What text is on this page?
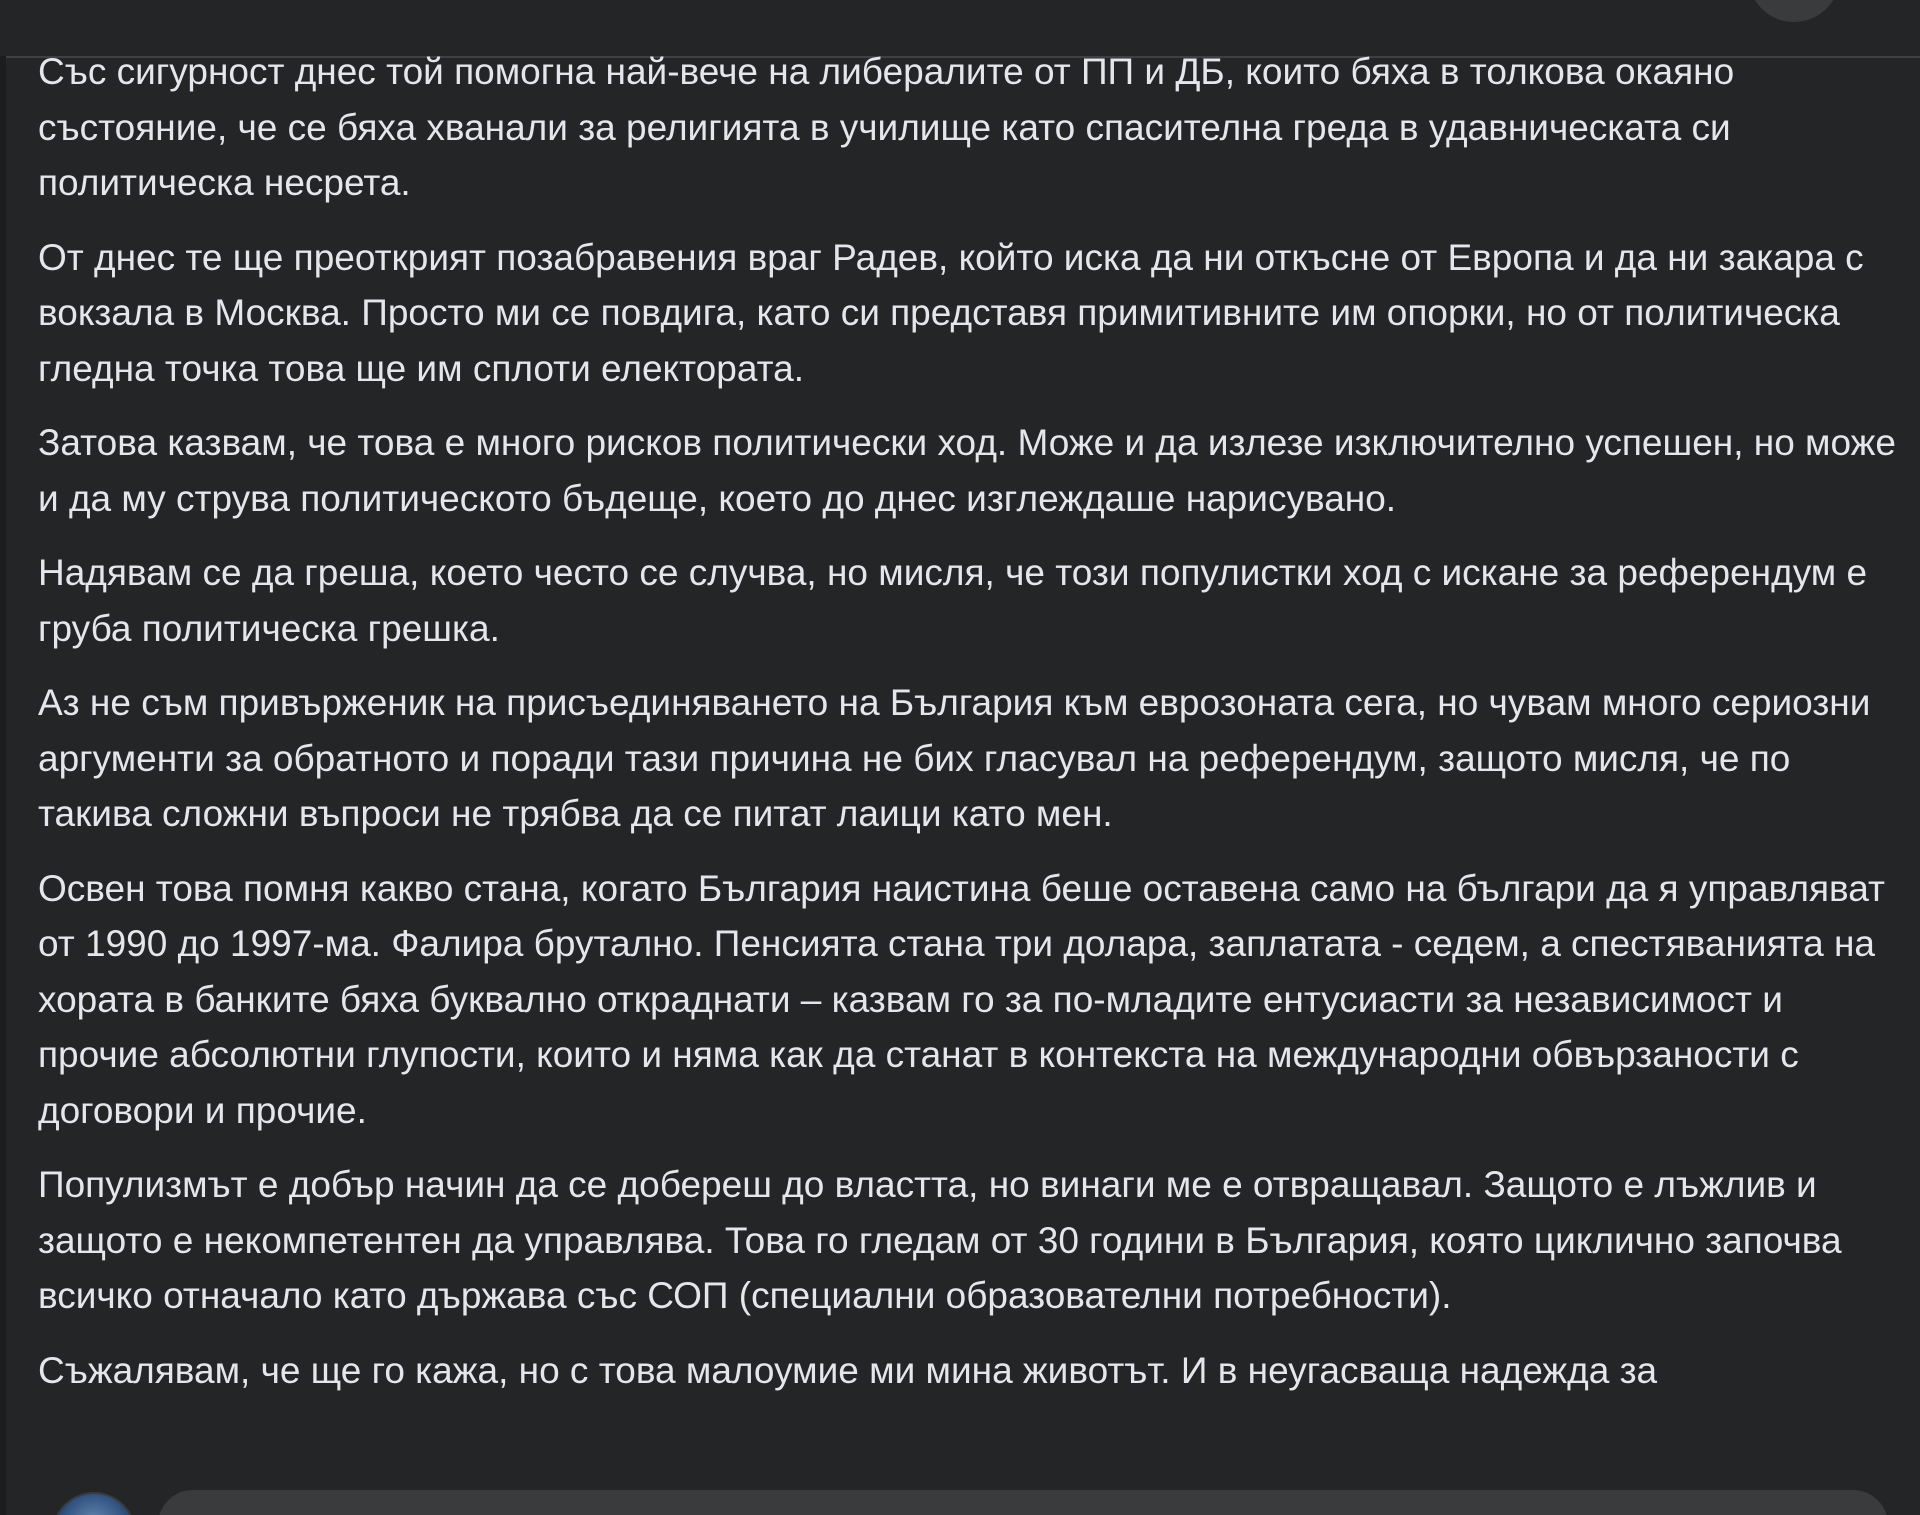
Със сигурност днес той помогна най-вече на либералите от ПП и ДБ, които бяха в толкова окаяно състояние, че се бяха хванали за религията в училище като спасителна греда в удавническата си политическа несрета.

От днес те ще преоткрият позабравения враг Радев, който иска да ни откъсне от Европа и да ни закара с вокзала в Москва. Просто ми се повдига, като си представя примитивните им опорки, но от политическа гледна точка това ще им сплоти електората.

Затова казвам, че това е много рисков политически ход. Може и да излезе изключително успешен, но може и да му струва политическото бъдеще, което до днес изглеждаше нарисувано.

Надявам се да греша, което често се случва, но мисля, че този популистки ход с искане за референдум е груба политическа грешка.

Аз не съм привърженик на присъединяването на България към еврозоната сега, но чувам много сериозни аргументи за обратното и поради тази причина не бих гласувал на референдум, защото мисля, че по такива сложни въпроси не трябва да се питат лаици като мен.

Освен това помня какво стана, когато България наистина беше оставена само на българи да я управляват от 1990 до 1997-ма. Фалира брутално. Пенсията стана три долара, заплатата - седем, а спестяванията на хората в банките бяха буквално откраднати – казвам го за по-младите ентусиасти за независимост и прочие абсолютни глупости, които и няма как да станат в контекста на международни обвързаности с договори и прочие.

Популизмът е добър начин да се добереш до властта, но винаги ме е отвращавал. Защото е лъжлив и защото е некомпетентен да управлява. Това го гледам от 30 години в България, която циклично започва всичко отначало като държава със СОП (специални образователни потребности).

Съжалявам, че ще го кажа, но с това малоумие ми мина животът. И в неугасваща надежда за
